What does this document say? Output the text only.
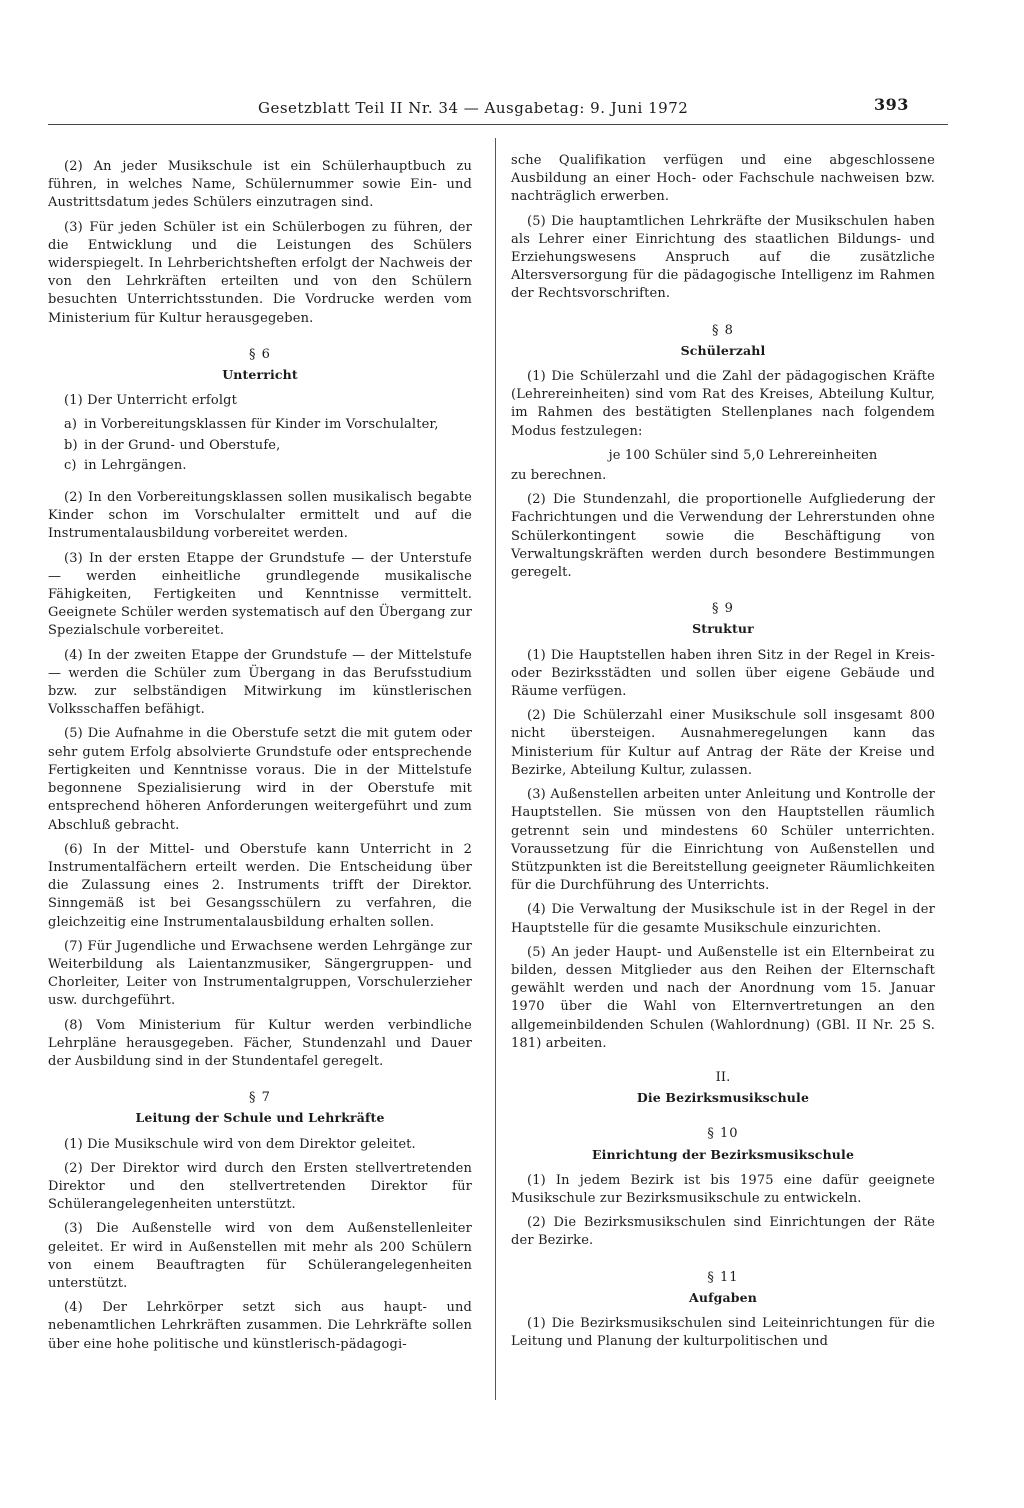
Gesetzblatt Teil II Nr. 34 — Ausgabetag: 9. Juni 1972	393

(2) An jeder Musikschule ist ein Schülerhauptbuch zu führen, in welches Name, Schülernummer sowie Ein- und Austrittsdatum jedes Schülers einzutragen sind.

(3) Für jeden Schüler ist ein Schülerbogen zu führen, der die Entwicklung und die Leistungen des Schülers widerspiegelt. In Lehrberichtsheften erfolgt der Nachweis der von den Lehrkräften erteilten und von den Schülern besuchten Unterrichtsstunden. Die Vordrucke werden vom Ministerium für Kultur herausgegeben.

§ 6
Unterricht

(1) Der Unterricht erfolgt

a) in Vorbereitungsklassen für Kinder im Vorschulalter,
b) in der Grund- und Oberstufe,
c) in Lehrgängen.

(2) In den Vorbereitungsklassen sollen musikalisch begabte Kinder schon im Vorschulalter ermittelt und auf die Instrumentalausbildung vorbereitet werden.

(3) In der ersten Etappe der Grundstufe — der Unterstufe — werden einheitliche grundlegende musikalische Fähigkeiten, Fertigkeiten und Kenntnisse vermittelt. Geeignete Schüler werden systematisch auf den Übergang zur Spezialschule vorbereitet.

(4) In der zweiten Etappe der Grundstufe — der Mittelstufe — werden die Schüler zum Übergang in das Berufsstudium bzw. zur selbständigen Mitwirkung im künstlerischen Volksschaffen befähigt.

(5) Die Aufnahme in die Oberstufe setzt die mit gutem oder sehr gutem Erfolg absolvierte Grundstufe oder entsprechende Fertigkeiten und Kenntnisse voraus. Die in der Mittelstufe begonnene Spezialisierung wird in der Oberstufe mit entsprechend höheren Anforderungen weitergeführt und zum Abschluß gebracht.

(6) In der Mittel- und Oberstufe kann Unterricht in 2 Instrumentalfächern erteilt werden. Die Entscheidung über die Zulassung eines 2. Instruments trifft der Direktor. Sinngemäß ist bei Gesangsschülern zu verfahren, die gleichzeitig eine Instrumentalausbildung erhalten sollen.

(7) Für Jugendliche und Erwachsene werden Lehrgänge zur Weiterbildung als Laientanzmusiker, Sängergruppen- und Chorleiter, Leiter von Instrumentalgruppen, Vorschulerzieher usw. durchgeführt.

(8) Vom Ministerium für Kultur werden verbindliche Lehrpläne herausgegeben. Fächer, Stundenzahl und Dauer der Ausbildung sind in der Stundentafel geregelt.

§ 7
Leitung der Schule und Lehrkräfte

(1) Die Musikschule wird von dem Direktor geleitet.

(2) Der Direktor wird durch den Ersten stellvertretenden Direktor und den stellvertretenden Direktor für Schülerangelegenheiten unterstützt.

(3) Die Außenstelle wird von dem Außenstellenleiter geleitet. Er wird in Außenstellen mit mehr als 200 Schülern von einem Beauftragten für Schülerangelegenheiten unterstützt.

(4) Der Lehrkörper setzt sich aus haupt- und nebenamtlichen Lehrkräften zusammen. Die Lehrkräfte sollen über eine hohe politische und künstlerisch-pädagogi-

sche Qualifikation verfügen und eine abgeschlossene Ausbildung an einer Hoch- oder Fachschule nachweisen bzw. nachträglich erwerben.

(5) Die hauptamtlichen Lehrkräfte der Musikschulen haben als Lehrer einer Einrichtung des staatlichen Bildungs- und Erziehungswesens Anspruch auf die zusätzliche Altersversorgung für die pädagogische Intelligenz im Rahmen der Rechtsvorschriften.

§ 8
Schülerzahl

(1) Die Schülerzahl und die Zahl der pädagogischen Kräfte (Lehrereinheiten) sind vom Rat des Kreises, Abteilung Kultur, im Rahmen des bestätigten Stellenplanes nach folgendem Modus festzulegen:

je 100 Schüler sind 5,0 Lehrereinheiten

zu berechnen.

(2) Die Stundenzahl, die proportionelle Aufgliederung der Fachrichtungen und die Verwendung der Lehrerstunden ohne Schülerkontingent sowie die Beschäftigung von Verwaltungskräften werden durch besondere Bestimmungen geregelt.

§ 9
Struktur

(1) Die Hauptstellen haben ihren Sitz in der Regel in Kreis- oder Bezirksstädten und sollen über eigene Gebäude und Räume verfügen.

(2) Die Schülerzahl einer Musikschule soll insgesamt 800 nicht übersteigen. Ausnahmeregelungen kann das Ministerium für Kultur auf Antrag der Räte der Kreise und Bezirke, Abteilung Kultur, zulassen.

(3) Außenstellen arbeiten unter Anleitung und Kontrolle der Hauptstellen. Sie müssen von den Hauptstellen räumlich getrennt sein und mindestens 60 Schüler unterrichten. Voraussetzung für die Einrichtung von Außenstellen und Stützpunkten ist die Bereitstellung geeigneter Räumlichkeiten für die Durchführung des Unterrichts.

(4) Die Verwaltung der Musikschule ist in der Regel in der Hauptstelle für die gesamte Musikschule einzurichten.

(5) An jeder Haupt- und Außenstelle ist ein Elternbeirat zu bilden, dessen Mitglieder aus den Reihen der Elternschaft gewählt werden und nach der Anordnung vom 15. Januar 1970 über die Wahl von Elternvertretungen an den allgemeinbildenden Schulen (Wahlordnung) (GBl. II Nr. 25 S. 181) arbeiten.

II.
Die Bezirksmusikschule
§ 10
Einrichtung der Bezirksmusikschule

(1) In jedem Bezirk ist bis 1975 eine dafür geeignete Musikschule zur Bezirksmusikschule zu entwickeln.

(2) Die Bezirksmusikschulen sind Einrichtungen der Räte der Bezirke.

§ 11
Aufgaben

(1) Die Bezirksmusikschulen sind Leiteinrichtungen für die Leitung und Planung der kulturpolitischen und
